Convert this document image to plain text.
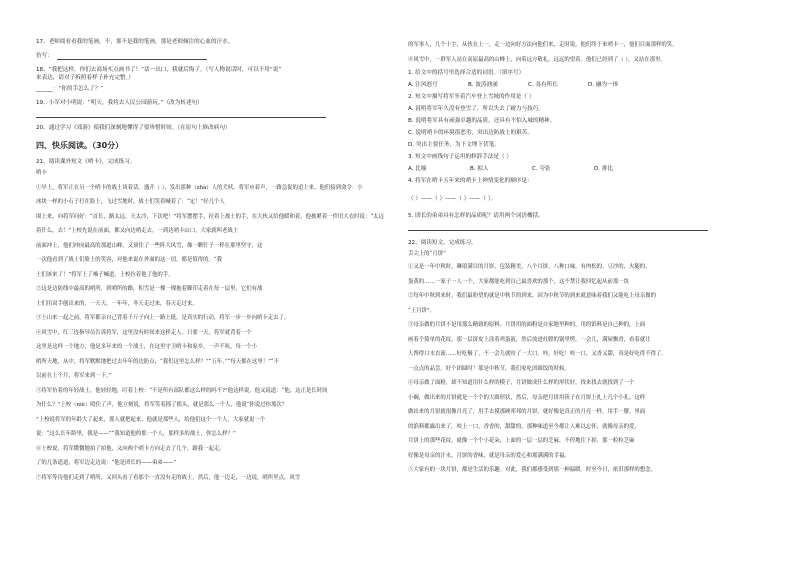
17、老师阅看看我的笔画，不，那不是我的笔画，那是老师倾注的心血的汗水。

仿写：

18、“我把这样，你们去商场买点画书了！”话一出口，我就后悔了。（写人物说话时，可以不用“说”

来表达，请对子拆照着样子补充完整。）

______：“你的手怎么了？”

19、小军对小明说：“明天，我将去人民公园游玩。”（改为转述句）

20、通过学习《郊游》使我们深刻地懂得了要珍惜时间。（在原句上修改病句）

四、快乐阅读。（30分）

21、阅读课外短文《哨卡》，完成练习。

哨卡

①早上，将军正在另一个哨卡的战士谈着话。盛开（ ）、发出那种（zhà）人的犬吠。将军应着声，一路急促的追上来，他们接到命令：小

冰块一样的小石子打在脸上，飞过雪地时，战士们笑着喊着了：“定！”好几个人

围上来，向将军问好：“首长，路太远，天太冷，下次吧！”将军摆摆手，拉着上战士的手，在大伙又给他暖和着，他披紧着一件旧大衣时说：“太远

着什么，去！”上校先说在前面，都又向边哨走去，一到达哨卡山口，大家就叫老战士

前面冲上，他们冲向最高的那道山峰，又顶住了一些阵大风雪，像一颗钉子一样在那里坚守，这

一次他看到了战士们脸上的笑容，对他来说在外面的这一切，都是值得的。“我

士们该来了！”将军上了嗓子喊道，上校拉着他了他的手。

②这是边防线中最高的哨所，到哨所的路，积雪是一棵一棵拖着脚印走着在每一层里，它们有战

士们用双手刨出来的，一天天，一年年，冬天走过来，春天走过来。

③上山来一起之前，将军都亲自己背着千斤子向上一路上挺，是真实的行动，将军一步一步向哨卡走去了。

④风雪中，红三连指导员告诉将军，这里没有时间来这样走人。只要一天，将军就背着一个

这里是这样一个地方，他是多年来的一个战士，在这里守卫哨卡和家乡，一声不吭，每一个小

哨所天地，从中，将军默默地把过去年年的边防点，“我们这里怎么样？”“五年。”“每天都在这里！”“不

以前在上个月，将军来到一下。”

⑤将军仿着的年轻战士，他轻轻地，叮着上校：“不是所有部队都这么样的吗不?”他这样说，他又说道：“他，这正是长时间

为什么？”上校（niè）噎住了声，他立刻说，将军笑着摇了摇头，就是那么一个人，他说“你说过你那次？

”上校说将军的年龄大了起来，那人就把起来，他就是那些人，给他们这个一个人，大家就更一个

说：“这么长年龄里，我是——”“我知道他的那一个人，那样多的战士，你怎么样？”

⑥上校说，将军微微地拍了拍他，又向两个哨卡方向走去了几个，跟我一起走。

了的几条道道，将军边走边说：“他是团长的——弟弟——”

⑦将军等待他们走到了哨所，又回头看了看那个一直没有走的战士，然后，他一边走，一边说，哨所里点，风雪

的军事人，几个十字，从伙在上一，走一边向好方法向他们来，走时说，他们终于来哨卡一，他们目面那样的笑。

⑧风雪中，一群军人站在高原最高的山峰上，向着远方敬礼。远远的望着。他们已经到了（ ），又站在那里。

1. 给文中的括号里选择合适的词语。（填序号）

A. 注风怒号	B. 波涛汹涌	C. 各有所长	D. 融为一体

2. 短文中描写将军坐着汽车登上雪域的作用是（ ）

A. 说明将军年久没有登雪了，所以失去了耐力与技巧。

B. 说明将军具有顽强卓越的品质，还具有不怕入城的精神。

C. 说明哨卡的环境很恶劣，突出边防战士的艰苦。

D. 突出主要任务，为下文埋下伏笔。

3. 短文中画线句子运用的修辞手法是（ ）

A. 比喻	B. 拟人	C. 夸张	D. 排比

4. 将军在哨卡五年来的哨卡上神情变化的顺序是：

（ ）——（ ）——（ ）——（ ）。

5. 团长的弟弟具有怎样的品质呢？请用两个词语概括。

22、阅读短文，完成练习。

舌尖上的“月饼”

①又是一年中秋时，琳琅满目的月饼，包装精美，八个月饼，八种口味，有肉松的、豆沙的、火腿的、

蛋黄的……一家子一人一个，大家都能吃到自己最喜欢的那个，这不禁让我回忆起从前那一块

②每年中秋到来时，我们最盼望的就是中秋节的到来，因为中秋节的到来就意味着我们又能吃上母亲做的

“土月饼”。

③母亲做的月饼不是用那么精致的原料。月饼用的面粉是自家地里种的，用的馅料是自己种的，上面

画着个简单的花纹，那一层饼皮上涂着鸡蛋液，然后放进灶膛的锅里烤，一会儿，满屋飘香，看着就让

人馋得口水直流……好吃极了，不一会儿就咬了一大口。哇，好吃！咬一口，又香又甜，真是好吃得不得了。

一点点的品尝。好个团圆时！那是中秋节，我们家吃团圆饭的时候。

④母亲做了面粉，却不知道用什么样的模子，月饼做成什么样的形状好，找来找去就找到了一个

小碗，做出来的月饼就是一个个的大圆形状，然后，母亲把月饼用筷子在月饼上扎上几个小孔，这样

做出来的月饼就很像月亮了，用手去摸那硬邦邦的月饼，就好像是真正的月亮一样，用手一掰，里面

的馅料都露出来了，咬上一口，香香的，甜甜的，那种味道至今都让人难以忘怀，就像母亲的爱，

月饼上的那些花纹，就像一个个小花朵，上面的一层一层的芝麻，不停地往下掉，那一粒粒芝麻

好像是母亲的汗水，月饼的香味，就是母亲的爱心和那满满的幸福。

⑤大家有的一块月饼，都是生活的乐趣。对此，我们都感受到那一种温暖。时至今日，依旧那样的想念。
